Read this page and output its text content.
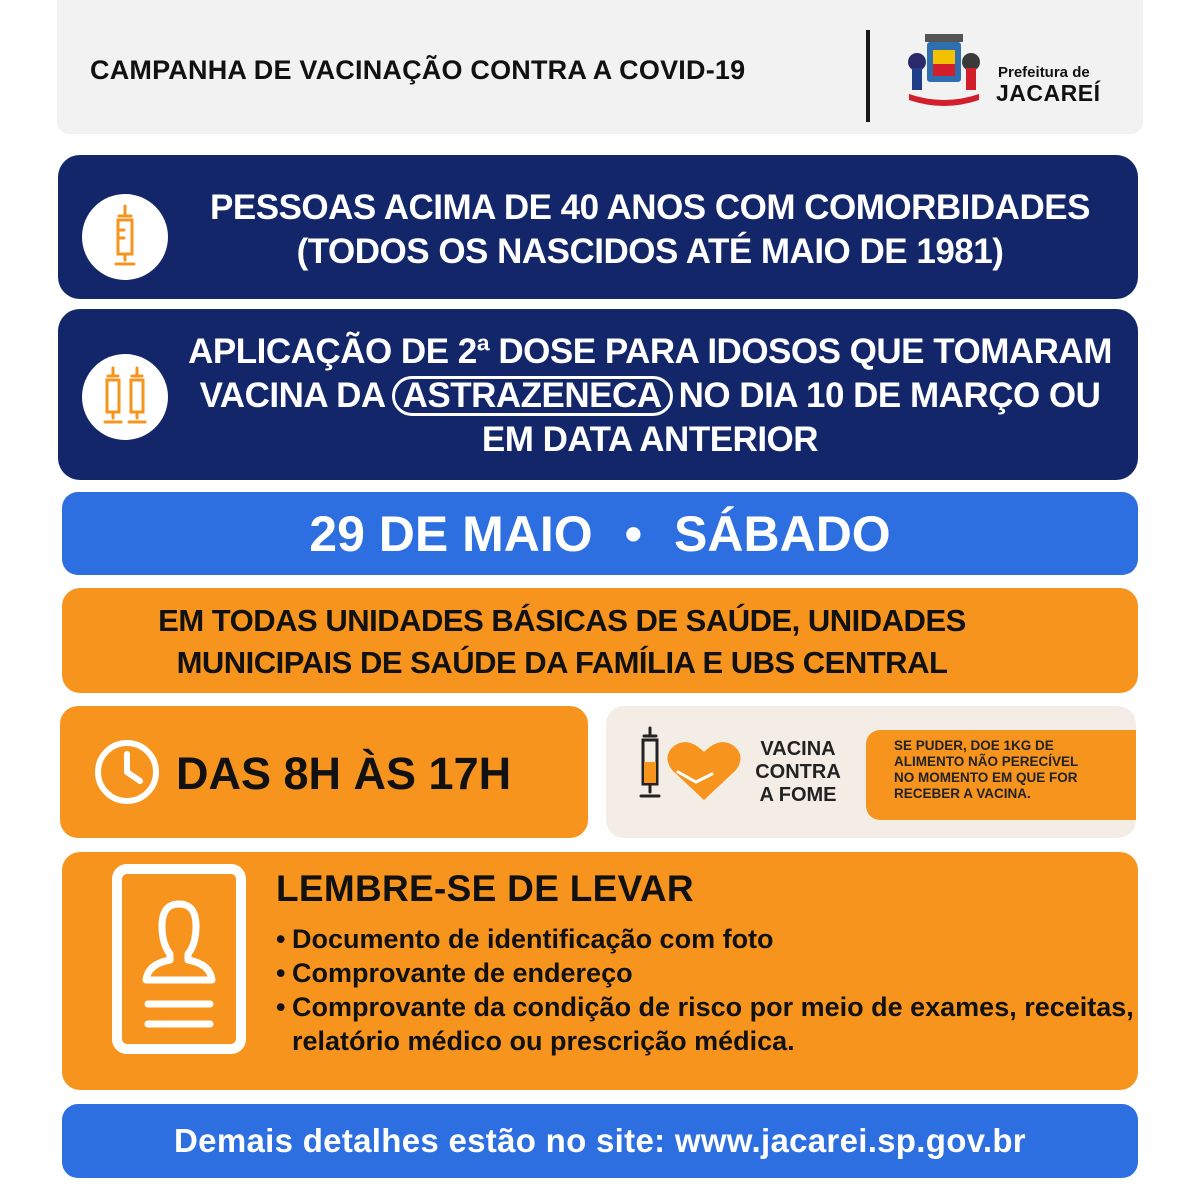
CAMPANHA DE VACINAÇÃO CONTRA A COVID-19	Prefeitura de
JACAREÍ
PESSOAS ACIMA DE 40 ANOS COM COMORBIDADES
(TODOS OS NASCIDOS ATÉ MAIO DE 1981)
APLICAÇÃO DE 2ª DOSE PARA IDOSOS QUE TOMARAM
VACINA DA ASTRAZENECA NO DIA 10 DE MARÇO OU
EM DATA ANTERIOR
29 DE MAIO • SÁBADO
EM TODAS UNIDADES BÁSICAS DE SAÚDE, UNIDADES
MUNICIPAIS DE SAÚDE DA FAMÍLIA E UBS CENTRAL
DAS 8H ÀS 17H	VACINA
CONTRA
A FOME
SE PUDER, DOE 1KG DE
ALIMENTO NÃO PERECÍVEL
NO MOMENTO EM QUE FOR
RECEBER A VACINA.
LEMBRE-SE DE LEVAR
• Documento de identificação com foto
• Comprovante de endereço
• Comprovante da condição de risco por meio de exames, receitas, relatório médico ou prescrição médica.
Demais detalhes estão no site: www.jacarei.sp.gov.br
